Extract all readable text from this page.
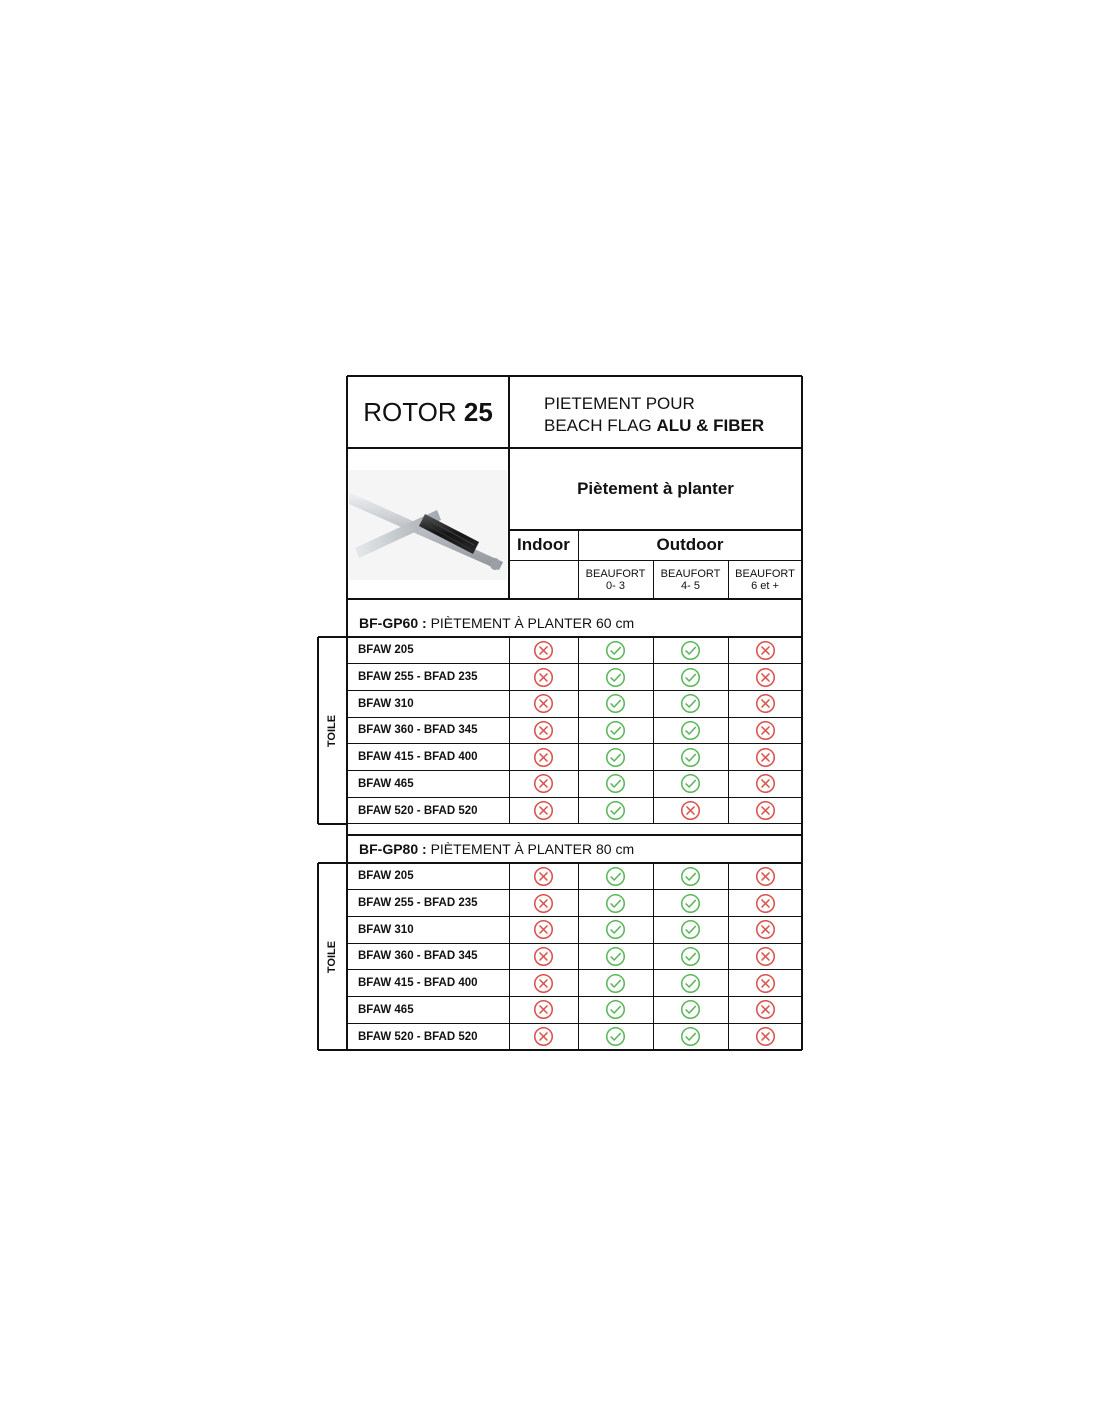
ROTOR
25	PIETEMENT POUR
BEACH FLAG ALU & FIBER
Piètement à planter
Indoor	Outdoor
BEAUFORT
0- 3
BEAUFORT
4- 5
BEAUFORT
6 et +
BF-GP60 :
PIÈTEMENT À PLANTER 60 cm
BF-GP80 :
PIÈTEMENT À PLANTER 80 cm
TOILE
TOILE
BFAW 205
BFAW 255 - BFAD 235
BFAW 310
BFAW 360 - BFAD 345
BFAW 415 - BFAD 400
BFAW 465
BFAW 520 - BFAD 520
BFAW 205
BFAW 255 - BFAD 235
BFAW 310
BFAW 360 - BFAD 345
BFAW 415 - BFAD 400
BFAW 465
BFAW 520 - BFAD 520
